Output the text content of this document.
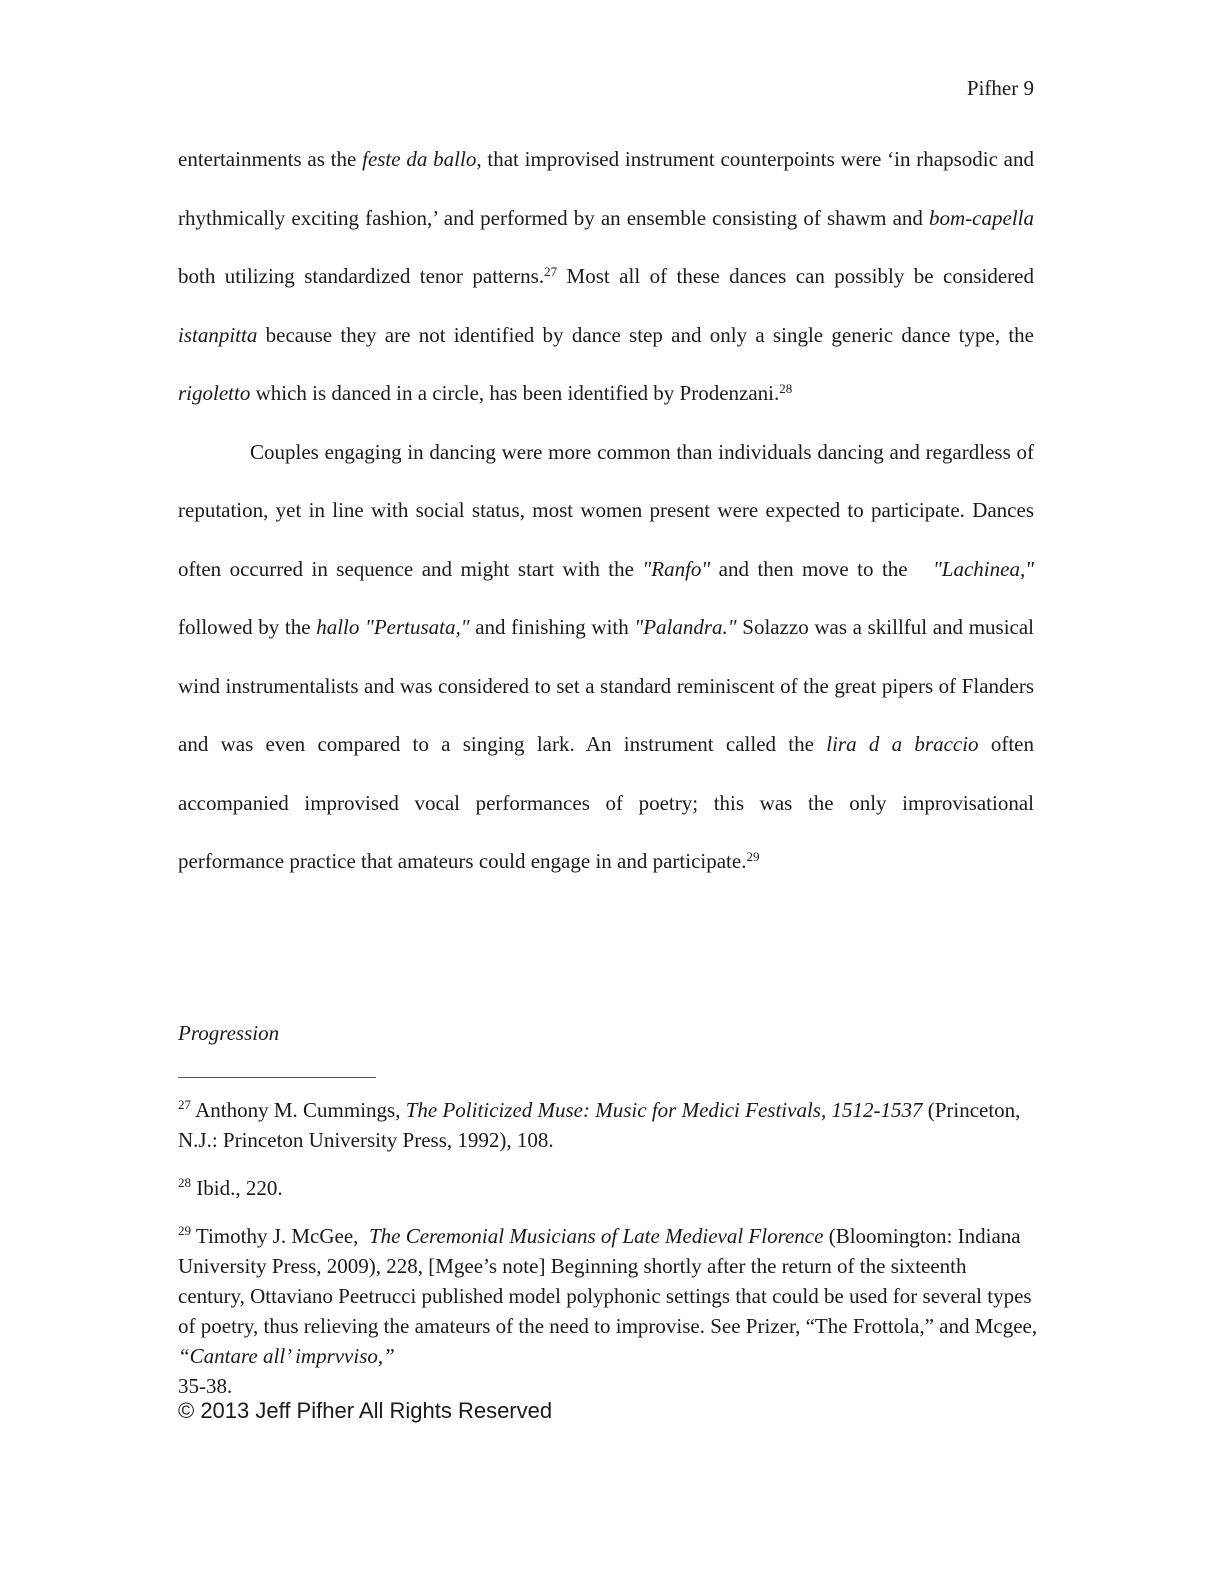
Pifher 9

entertainments as the feste da ballo, that improvised instrument counterpoints were ‘in rhapsodic and rhythmically exciting fashion,’ and performed by an ensemble consisting of shawm and bom-capella both utilizing standardized tenor patterns.$^{27}$ Most all of these dances can possibly be considered istanpitta because they are not identified by dance step and only a single generic dance type, the rigoletto which is danced in a circle, has been identified by Prodenzani.$^{28}$

Couples engaging in dancing were more common than individuals dancing and regardless of reputation, yet in line with social status, most women present were expected to participate. Dances often occurred in sequence and might start with the "Ranfo" and then move to the   "Lachinea," followed by the hallo "Pertusata," and finishing with "Palandra." Solazzo was a skillful and musical wind instrumentalists and was considered to set a standard reminiscent of the great pipers of Flanders and was even compared to a singing lark. An instrument called the lira d a braccio often accompanied improvised vocal performances of poetry; this was the only improvisational performance practice that amateurs could engage in and participate.$^{29}$

Progression

$^{27}$ Anthony M. Cummings, The Politicized Muse: Music for Medici Festivals, 1512-1537 (Princeton, N.J.: Princeton University Press, 1992), 108.

$^{28}$ Ibid., 220.

$^{29}$ Timothy J. McGee,  The Ceremonial Musicians of Late Medieval Florence (Bloomington: Indiana University Press, 2009), 228, [Mgee’s note] Beginning shortly after the return of the sixteenth century, Ottaviano Peetrucci published model polyphonic settings that could be used for several types of poetry, thus relieving the amateurs of the need to improvise. See Prizer, “The Frottola,” and Mcgee, “Cantare all’ imprvviso,”
35-38.

© 2013 Jeff Pifher All Rights Reserved
